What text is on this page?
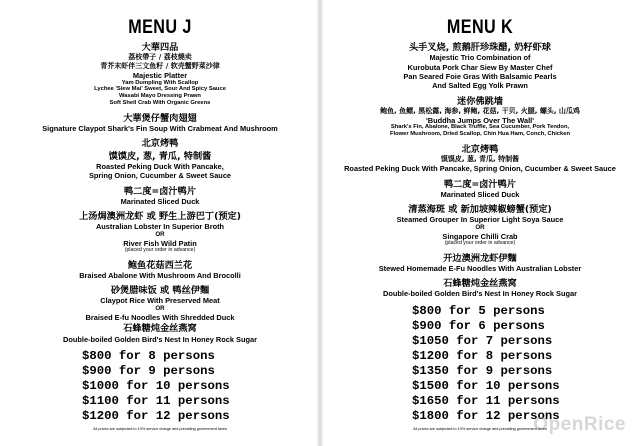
MENU J
大華四品
荔枝帶子 / 荔枝燒卖
青芥末虾伴三文鱼籽 / 软壳蟹野菜沙律
Majestic Platter
Yam Dumpling With Scallop
Lychee 'Siew Mai' Sweet, Sour And Spicy Sauce
Wasabi Mayo Dressing Prawn
Soft Shell Crab With Organic Greens
大華煲仔蟹肉翅翅
Signature Claypot Shark's Fin Soup With Crabmeat And Mushroom
北京烤鸭
馍馍皮, 葱, 青瓜, 特制酱
Roasted Peking Duck With Pancake,
Spring Onion, Cucumber & Sweet Sauce
鸭二度=卤汁鸭片
Marinated Sliced Duck
上汤焗澳洲龙虾 或 野生上游巴丁(预定)
Australian Lobster In Superior Broth
OR
River Fish Wild Patin
(placed your order in advance)
鲍鱼花菇西兰花
Braised Abalone With Mushroom And Brocolli
砂煲腊味饭 或 鸭丝伊麵
Claypot Rice With Preserved Meat
OR
Braised E-fu Noodles With Shredded Duck
石蜂糖炖金丝燕窝
Double-boiled Golden Bird's Nest In Honey Rock Sugar
$800 for 8 persons
$900 for 9 persons
$1000 for 10 persons
$1100 for 11 persons
$1200 for 12 persons
All prices are subjected to 10% service charge and prevailing government taxes
MENU K
头手叉烧, 煎鹅肝珍珠醋, 奶籽虾球
Majestic Trio Combination of
Kurobuta Pork Char Siew By Master Chef
Pan Seared Foie Gras With Balsamic Pearls
And Salted Egg Yolk Prawn
迷你佛跳墙
鲍鱼, 鱼鳔, 黑松露, 海参, 鲜鲍, 花菇, 干贝, 火腿, 螺头, 山瓜鸡
'Buddha Jumps Over The Wall'
Shark's Fin, Abalone, Black Truffle, Sea Cucumber, Pork Tendon,
Flower Mushroom, Dried Scallop, Chin Hua Ham, Conch, Chicken
北京烤鸭
馍馍皮, 葱, 青瓜, 特制酱
Roasted Peking Duck With Pancake, Spring Onion, Cucumber & Sweet Sauce
鸭二度=卤汁鸭片
Marinated Sliced Duck
清蒸海斑 或 新加坡辣椒螃蟹(预定)
Steamed Grouper In Superior Light Soya Sauce
OR
Singapore Chilli Crab
(placed your order in advance)
开边澳洲龙虾伊麵
Stewed Homemade E-Fu Noodles With Australian Lobster
石蜂糖炖金丝燕窝
Double-boiled Golden Bird's Nest In Honey Rock Sugar
$800 for 5 persons
$900 for 6 persons
$1050 for 7 persons
$1200 for 8 persons
$1350 for 9 persons
$1500 for 10 persons
$1650 for 11 persons
$1800 for 12 persons
All prices are subjected to 10% service charge and prevailing government taxes
OpenRice
